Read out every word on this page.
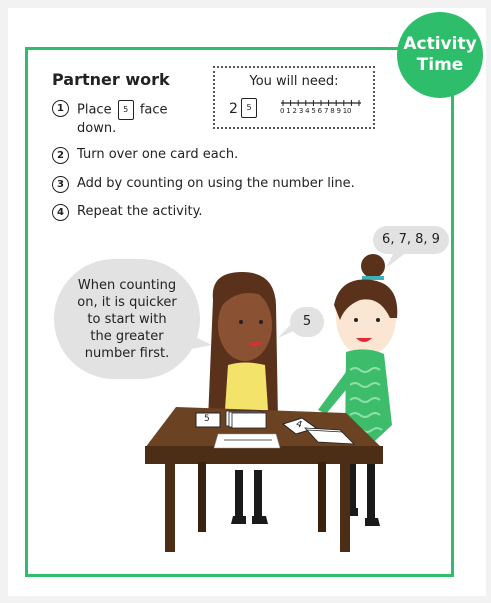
Activity
Time
Partner work	You will need:
2	5	0 1 2 3 4 5 6 7 8 9 10
1	Place 5 face
down.
2	Turn over one card each.
3	Add by counting on using the number line.
4	Repeat the activity.
5
4
When counting
on, it is quicker
to start with
the greater
number first.
5
6, 7, 8, 9
